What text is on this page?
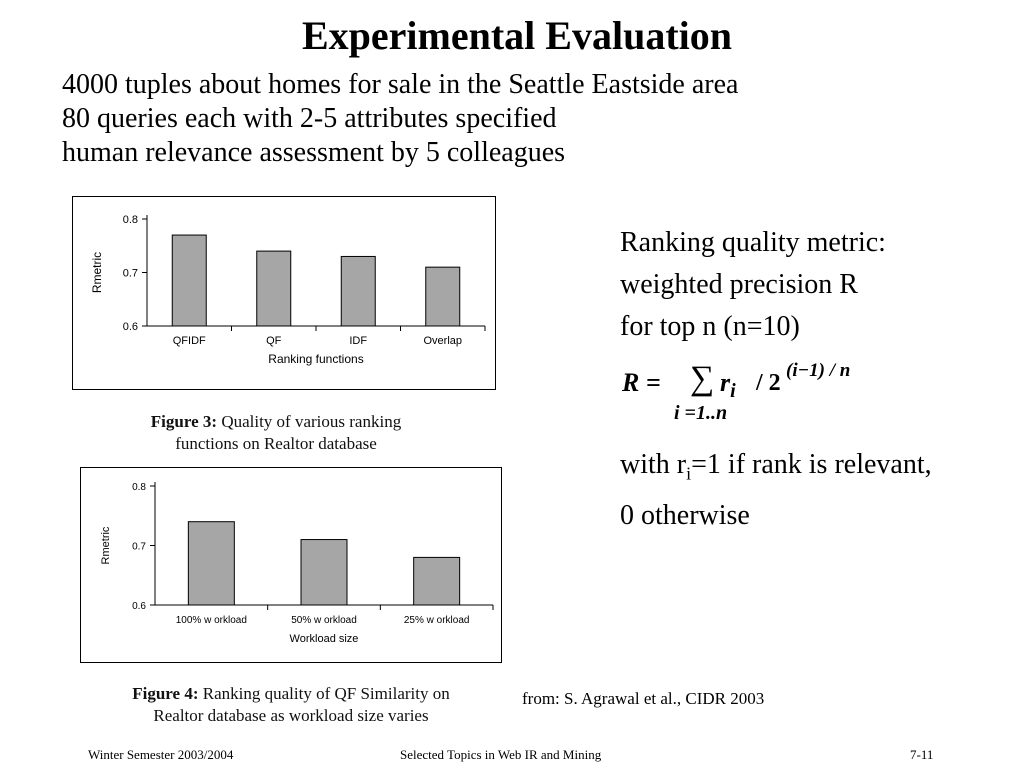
Experimental Evaluation
4000 tuples about homes for sale in the Seattle Eastside area
80 queries each with 2-5 attributes specified
human relevance assessment by 5 colleagues
0.6
0.7
0.8
QFIDF	QF	IDF	Overlap
Ranking functions
Rmetric
Figure 3: Quality of various ranking
functions on Realtor database
0.6
0.7
0.8
100% w orkload	50% w orkload	25% w orkload
Workload size
Rmetric
Figure 4: Ranking quality of QF Similarity on
Realtor database as workload size varies
Ranking quality metric:
weighted precision R
for top n (n=10)
R = ∑ $r_i / 2$ (i−1) / n
i =1..n
with $r_i=1$ if rank is relevant,
0 otherwise
from: S. Agrawal et al., CIDR 2003
Winter Semester 2003/2004	Selected Topics in Web IR and Mining	7-11
